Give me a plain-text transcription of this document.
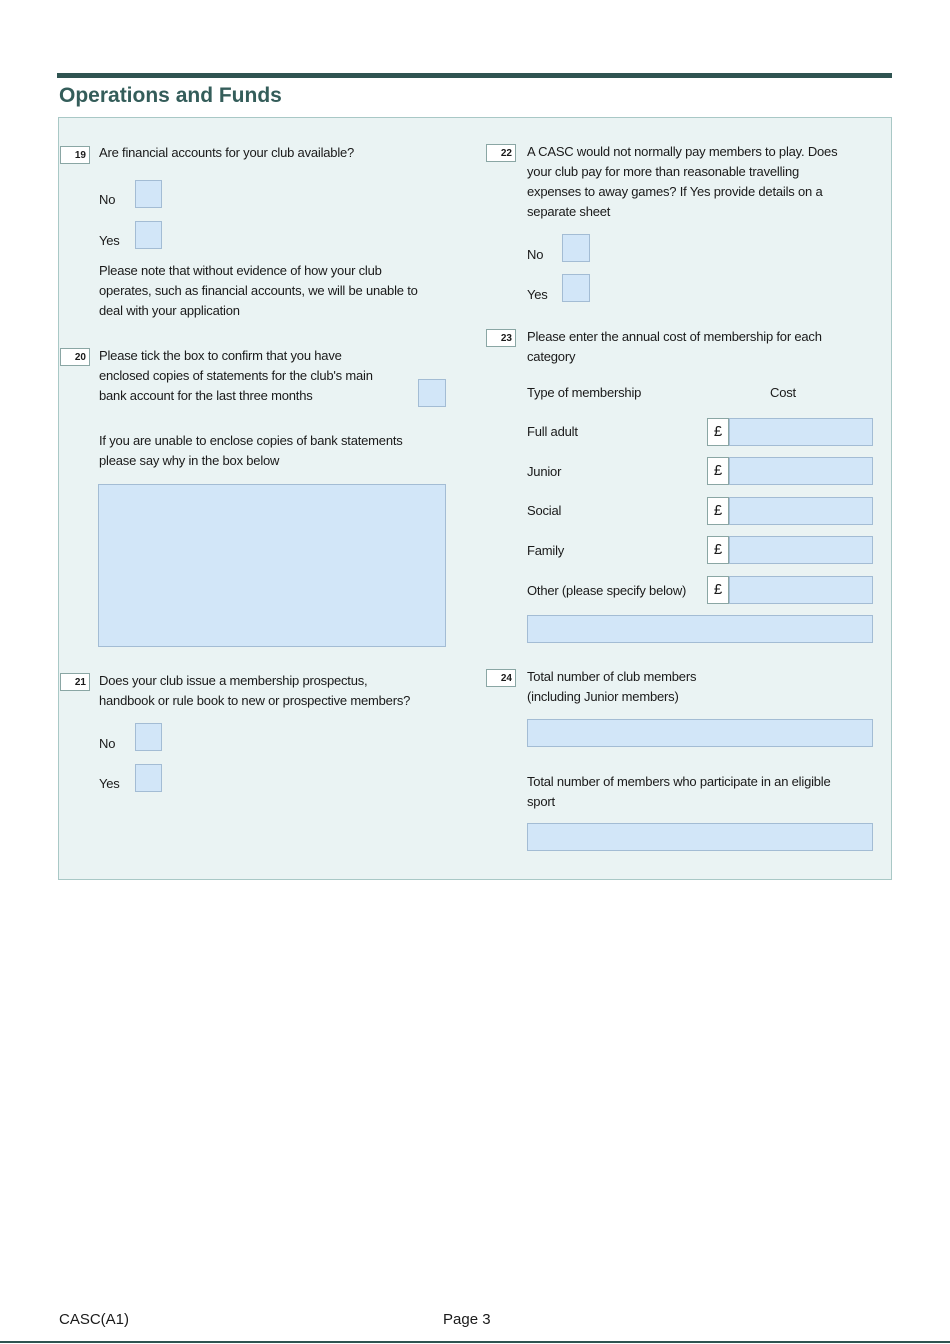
Operations and Funds
19	Are financial accounts for your club available?
No
Yes
Please note that without evidence of how your club
operates, such as financial accounts, we will be unable to
deal with your application
20	Please tick the box to confirm that you have
enclosed copies of statements for the club's main
bank account for the last three months
If you are unable to enclose copies of bank statements
please say why in the box below
21	Does your club issue a membership prospectus,
handbook or rule book to new or prospective members?
No
Yes
22	A CASC would not normally pay members to play. Does
your club pay for more than reasonable travelling
expenses to away games? If Yes provide details on a
separate sheet
No
Yes
23	Please enter the annual cost of membership for each
category
Type of membership	Cost
Full adult	£
Junior	£
Social	£
Family	£
Other (please specify below)	£
24	Total number of club members
(including Junior members)
Total number of members who participate in an eligible
sport
CASC(A1)	Page 3
